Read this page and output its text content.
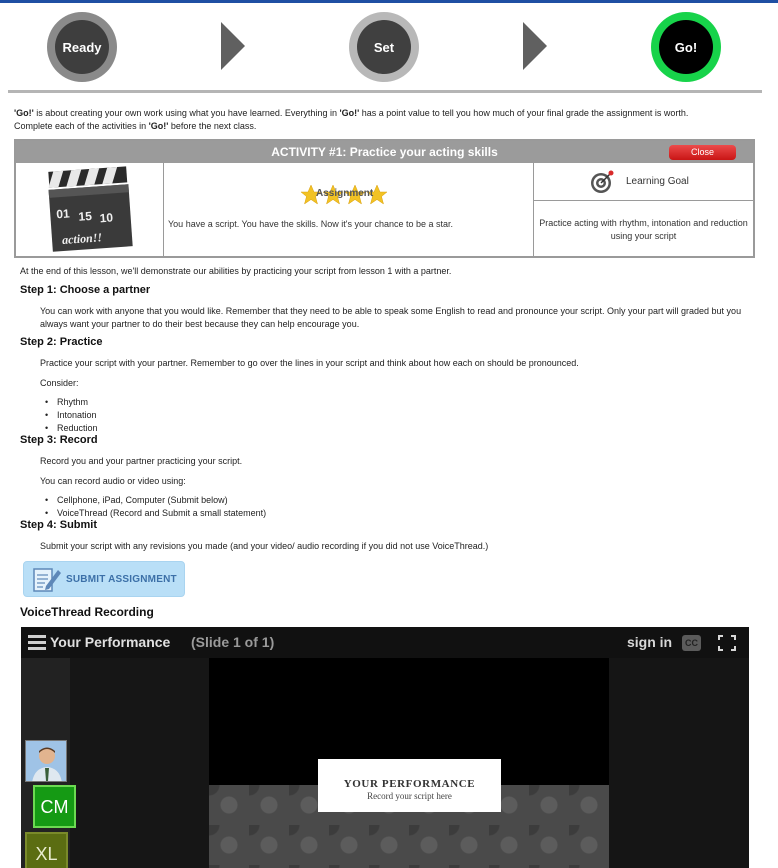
Ready	Set	Go!
'Go!' is about creating your own work using what you have learned. Everything in 'Go!' has a point value to tell you how much of your final grade the assignment is worth.
Complete each of the activities in 'Go!' before the next class.
ACTIVITY #1: Practice your acting skills	Close
01 15 10
action!!
Assignment
You have a script. You have the skills. Now it's your chance to be a star.
Learning Goal
Practice acting with rhythm, intonation and reduction using your script
At the end of this lesson, we'll demonstrate our abilities by practicing your script from lesson 1 with a partner.
Step 1: Choose a partner
You can work with anyone that you would like. Remember that they need to be able to speak some English to read and pronounce your script. Only your part will graded but you always want your partner to do their best because they can help encourage you.
Step 2: Practice
Practice your script with your partner. Remember to go over the lines in your script and think about how each on should be pronounced.
Consider:
• Rhythm
• Intonation
• Reduction
Step 3: Record
Record you and your partner practicing your script.
You can record audio or video using:
• Cellphone, iPad, Computer (Submit below)
• VoiceThread (Record and Submit a small statement)
Step 4: Submit
Submit your script with any revisions you made (and your video/ audio recording if you did not use VoiceThread.)
SUBMIT ASSIGNMENT
VoiceThread Recording
Your Performance (Slide 1 of 1)	sign in	CC
YOUR PERFORMANCE
Record your script here
CM
XL
